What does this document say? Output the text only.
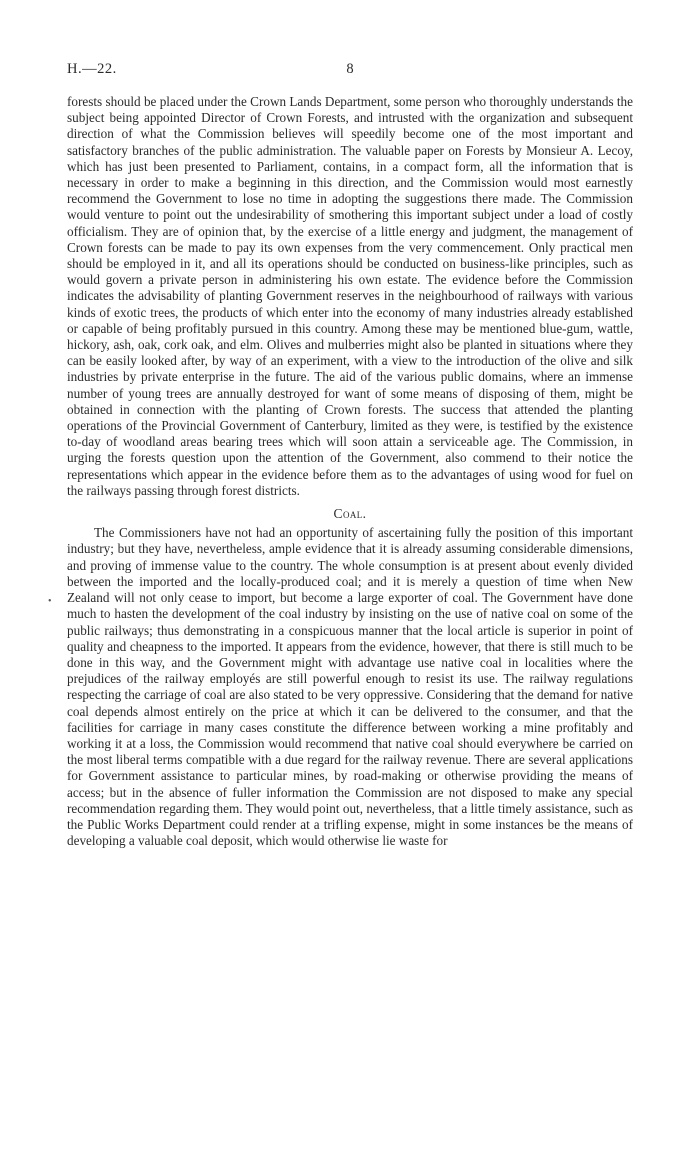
H.—22.	8
•

forests should be placed under the Crown Lands Department, some person who thoroughly understands the subject being appointed Director of Crown Forests, and intrusted with the organization and subsequent direction of what the Commission believes will speedily become one of the most important and satisfactory branches of the public administration. The valuable paper on Forests by Monsieur A. Lecoy, which has just been presented to Parliament, contains, in a compact form, all the information that is necessary in order to make a beginning in this direction, and the Commission would most earnestly recommend the Government to lose no time in adopting the suggestions there made. The Commission would venture to point out the undesirability of smothering this important subject under a load of costly officialism. They are of opinion that, by the exercise of a little energy and judgment, the management of Crown forests can be made to pay its own expenses from the very commencement. Only practical men should be employed in it, and all its operations should be conducted on business-like principles, such as would govern a private person in administering his own estate. The evidence before the Commission indicates the advisability of planting Government reserves in the neighbourhood of railways with various kinds of exotic trees, the products of which enter into the economy of many industries already established or capable of being profitably pursued in this country. Among these may be mentioned blue-gum, wattle, hickory, ash, oak, cork oak, and elm. Olives and mulberries might also be planted in situations where they can be easily looked after, by way of an experiment, with a view to the introduction of the olive and silk industries by private enterprise in the future. The aid of the various public domains, where an immense number of young trees are annually destroyed for want of some means of disposing of them, might be obtained in connection with the planting of Crown forests. The success that attended the planting operations of the Provincial Government of Canterbury, limited as they were, is testified by the existence to-day of woodland areas bearing trees which will soon attain a serviceable age. The Commission, in urging the forests question upon the attention of the Government, also commend to their notice the representations which appear in the evidence before them as to the advantages of using wood for fuel on the railways passing through forest districts.

Coal.

The Commissioners have not had an opportunity of ascertaining fully the position of this important industry; but they have, nevertheless, ample evidence that it is already assuming considerable dimensions, and proving of immense value to the country. The whole consumption is at present about evenly divided between the imported and the locally-produced coal; and it is merely a question of time when New Zealand will not only cease to import, but become a large exporter of coal. The Government have done much to hasten the development of the coal industry by insisting on the use of native coal on some of the public railways; thus demonstrating in a conspicuous manner that the local article is superior in point of quality and cheapness to the imported. It appears from the evidence, however, that there is still much to be done in this way, and the Government might with advantage use native coal in localities where the prejudices of the railway employés are still powerful enough to resist its use. The railway regulations respecting the carriage of coal are also stated to be very oppressive. Considering that the demand for native coal depends almost entirely on the price at which it can be delivered to the consumer, and that the facilities for carriage in many cases constitute the difference between working a mine profitably and working it at a loss, the Commission would recommend that native coal should everywhere be carried on the most liberal terms compatible with a due regard for the railway revenue. There are several applications for Government assistance to particular mines, by road-making or otherwise providing the means of access; but in the absence of fuller information the Commission are not disposed to make any special recommendation regarding them. They would point out, nevertheless, that a little timely assistance, such as the Public Works Department could render at a trifling expense, might in some instances be the means of developing a valuable coal deposit, which would otherwise lie waste for
